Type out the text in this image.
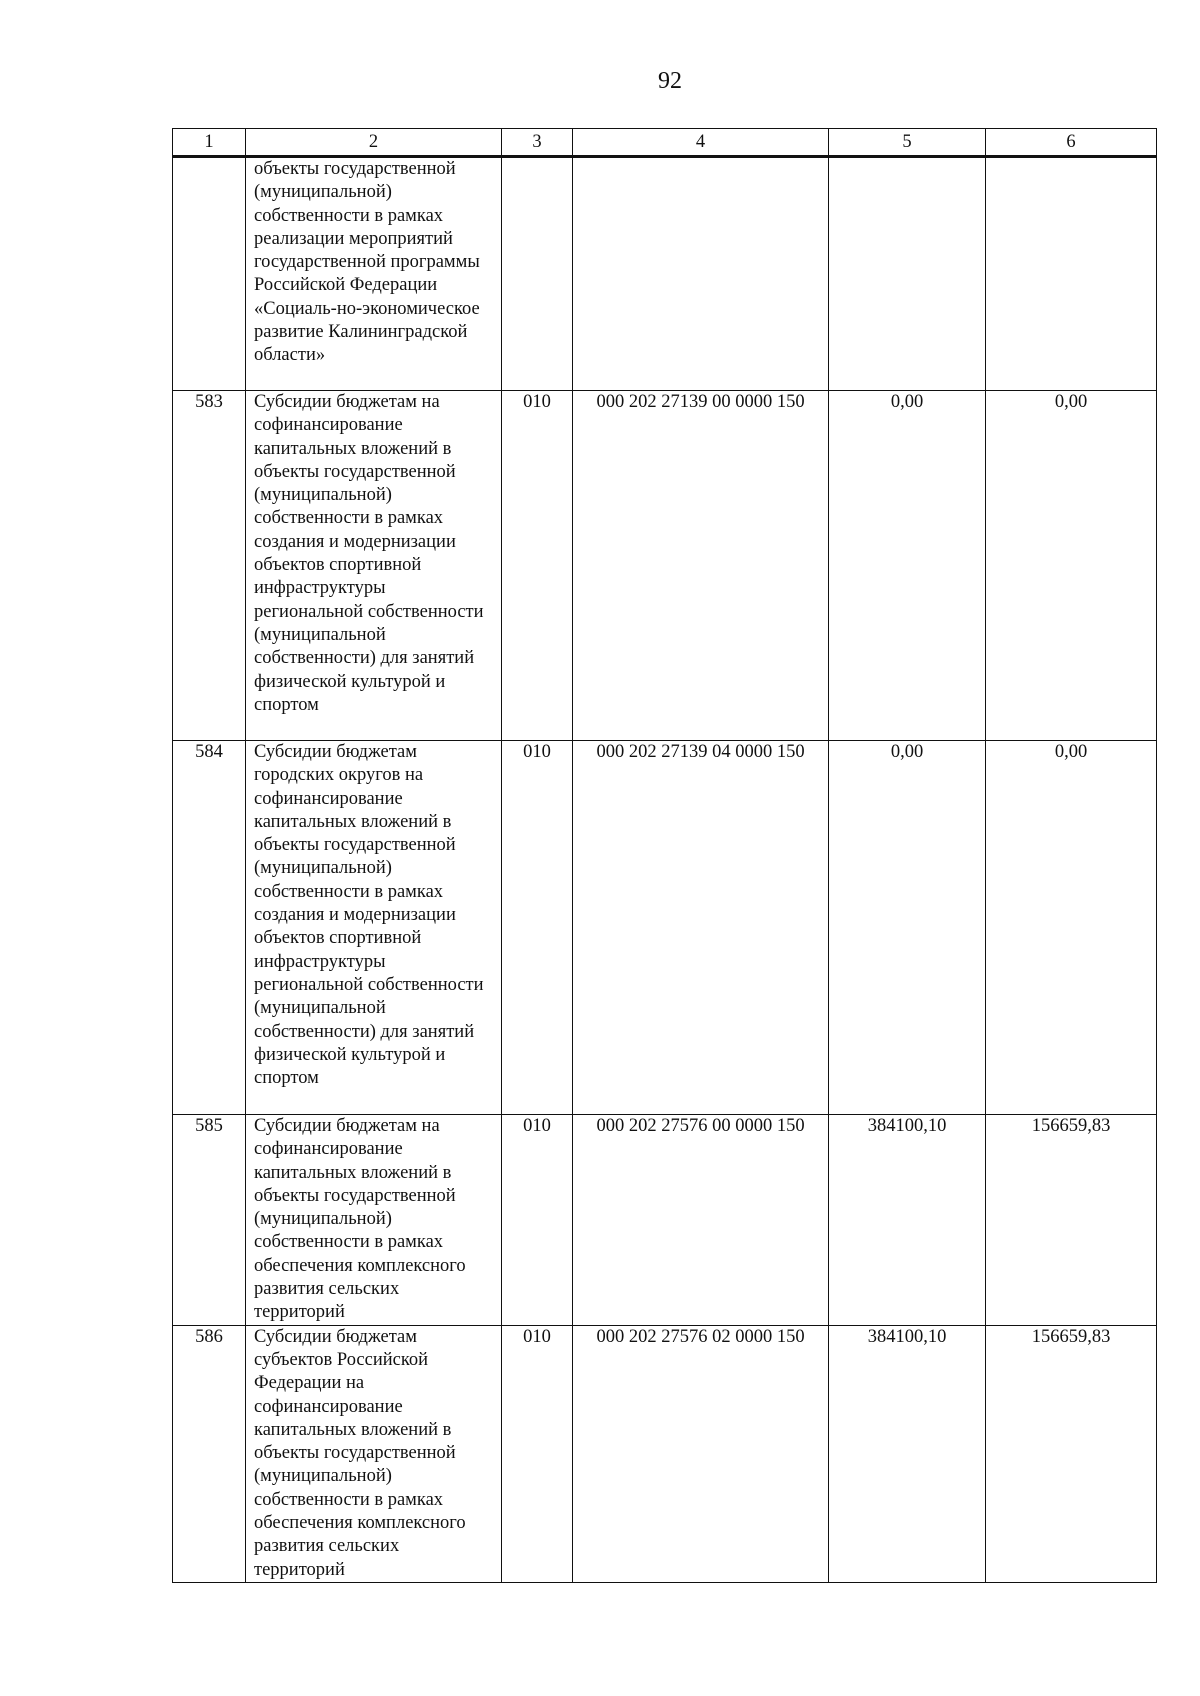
92
1	2	3	4	5	6
	объекты государственной (муниципальной) собственности в рамках реализации мероприятий государственной программы Российской Федерации «Социаль-но-экономическое развитие Калининградской области»				
583	Субсидии бюджетам на софинансирование капитальных вложений в объекты государственной (муниципальной) собственности в рамках создания и модернизации объектов спортивной инфраструктуры региональной собственности (муниципальной собственности) для занятий физической культурой и спортом	010	000 202 27139 00 0000 150	0,00	0,00
584	Субсидии бюджетам городских округов на софинансирование капитальных вложений в объекты государственной (муниципальной) собственности в рамках создания и модернизации объектов спортивной инфраструктуры региональной собственности (муниципальной собственности) для занятий физической культурой и спортом	010	000 202 27139 04 0000 150	0,00	0,00
585	Субсидии бюджетам на софинансирование капитальных вложений в объекты государственной (муниципальной) собственности в рамках обеспечения комплексного развития сельских территорий	010	000 202 27576 00 0000 150	384100,10	156659,83
586	Субсидии бюджетам субъектов Российской Федерации на софинансирование капитальных вложений в объекты государственной (муниципальной) собственности в рамках обеспечения комплексного развития сельских территорий	010	000 202 27576 02 0000 150	384100,10	156659,83
